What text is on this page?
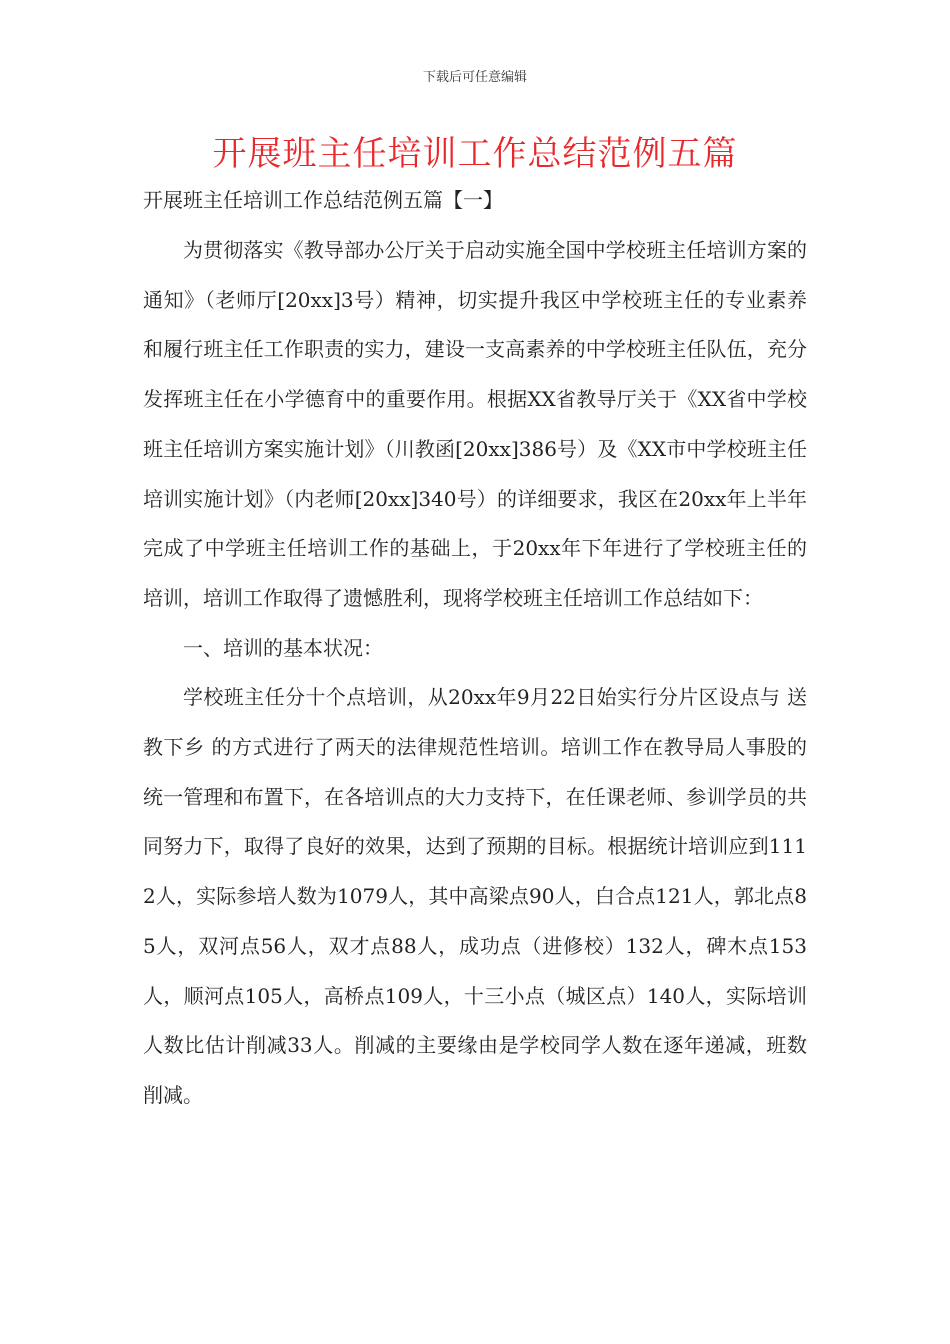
下载后可任意编辑
开展班主任培训工作总结范例五篇
开展班主任培训工作总结范例五篇【一】

为贯彻落实《教导部办公厅关于启动实施全国中学校班主任培训方案的通知》（老师厅[20xx]3号）精神，切实提升我区中学校班主任的专业素养和履行班主任工作职责的实力，建设一支高素养的中学校班主任队伍，充分发挥班主任在小学德育中的重要作用。根据XX省教导厅关于《XX省中学校班主任培训方案实施计划》（川教函[20xx]386号）及《XX市中学校班主任培训实施计划》（内老师[20xx]340号）的详细要求，我区在20xx年上半年完成了中学班主任培训工作的基础上，于20xx年下年进行了学校班主任的培训，培训工作取得了遗憾胜利，现将学校班主任培训工作总结如下：

一、培训的基本状况：

学校班主任分十个点培训，从20xx年9月22日始实行分片区设点与 送教下乡 的方式进行了两天的法律规范性培训。培训工作在教导局人事股的统一管理和布置下，在各培训点的大力支持下，在任课老师、参训学员的共同努力下，取得了良好的效果，达到了预期的目标。根据统计培训应到1112人，实际参培人数为1079人，其中高梁点90人，白合点121人，郭北点85人，双河点56人，双才点88人，成功点（进修校）132人，碑木点153人，顺河点105人，高桥点109人，十三小点（城区点）140人，实际培训人数比估计削减33人。削减的主要缘由是学校同学人数在逐年递减，班数削减。
